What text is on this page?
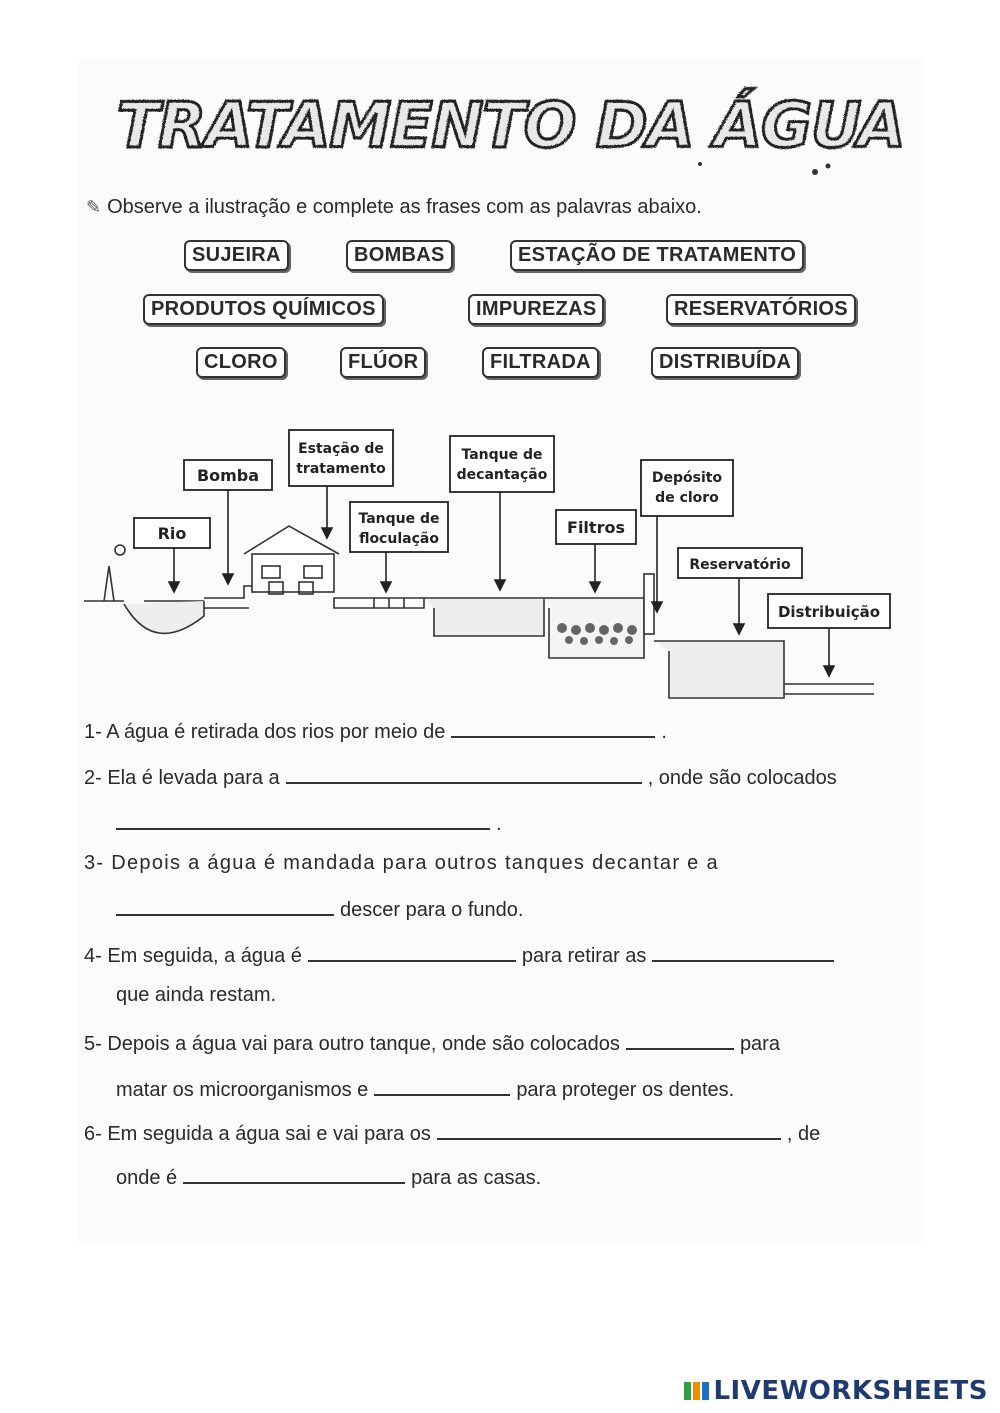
TRATAMENTO DA ÁGUA
✎ Observe a ilustração e complete as frases com as palavras abaixo.
SUJEIRA	BOMBAS	ESTAÇÃO DE TRATAMENTO
PRODUTOS QUÍMICOS	IMPUREZAS	RESERVATÓRIOS
CLORO	FLÚOR	FILTRADA	DISTRIBUÍDA
Rio
Bomba
Estação de
tratamento
Tanque de
floculação
Tanque de
decantação
Filtros
Depósito
de cloro
Reservatório
Distribuição
1- A água é retirada dos rios por meio de	.
2- Ela é levada para a	, onde são colocados
.
3- Depois a água é mandada para outros tanques decantar e a
descer para o fundo.
4- Em seguida, a água é	para retirar as
que ainda restam.
5- Depois a água vai para outro tanque, onde são colocados	para
matar os microorganismos e	para proteger os dentes.
6- Em seguida a água sai e vai para os	, de
onde é	para as casas.
LIVEWORKSHEETS
